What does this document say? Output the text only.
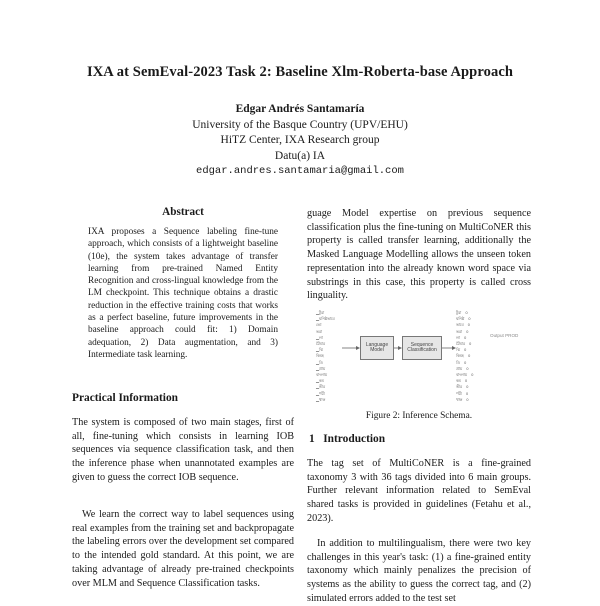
IXA at SemEval-2023 Task 2: Baseline Xlm-Roberta-base Approach
Edgar Andrés Santamaría
University of the Basque Country (UPV/EHU)
HiTZ Center, IXA Research group
Datu(a) IA
edgar.andres.santamaria@gmail.com
Abstract
IXA proposes a Sequence labeling fine-tune approach, which consists of a lightweight baseline (10e), the system takes advantage of transfer learning from pre-trained Named Entity Recognition and cross-lingual knowledge from the LM checkpoint. This technique obtains a drastic reduction in the effective training costs that works as a perfect baseline, future improvements in the baseline approach could fit: 1) Domain adequation, 2) Data augmentation, and 3) Intermediate task learning.
Practical Information
The system is composed of two main stages, first of all, fine-tuning which consists in learning IOB sequences via sequence classification task, and then the inference phase when unannotated examples are given to guess the correct IOB sequence.
We learn the correct way to label sequences using real examples from the training set and backpropagate the labeling errors over the development set compared to the intended gold standard. At this point, we are taking advantage of already pre-trained checkpoints over MLM and Sequence Classification tasks.
guage Model expertise on previous sequence classification plus the fine-tuning on MultiCoNER this property is called transfer learning, additionally the Masked Language Modelling allows the unseen token representation into the already known word space via substrings in this case, this property is called cross linguality.
▁টুরা
▁ঘনিষ্ঠভাবে
ভো
ভরা
▁লা
টৈমার
▁ঝি
কিমহ
▁ডি
▁প্রায়
বাংলায়
▁কম
▁ভীর
▁পরী
▁থাক
Language Model
Sequence Classification
টুরা    0
ঘনিষ্ঠ    0
ভাবে    0
ভরা    0
লা    0
টৈমার    0
ঝি    0
কিমহ    0
ডি    0
প্রায়    0
বাংলায়    0
কম    0
ভীর    0
পরী    0
থাক    0
Output PROD
Figure 2: Inference Schema.
1 Introduction
The tag set of MultiCoNER is a fine-grained taxonomy 3 with 36 tags divided into 6 main groups. Further relevant information related to SemEval shared tasks is provided in guidelines (Fetahu et al., 2023).
In addition to multilingualism, there were two key challenges in this year's task: (1) a fine-grained entity taxonomy which mainly penalizes the precision of systems as the ability to guess the correct tag, and (2) simulated errors added to the test set
